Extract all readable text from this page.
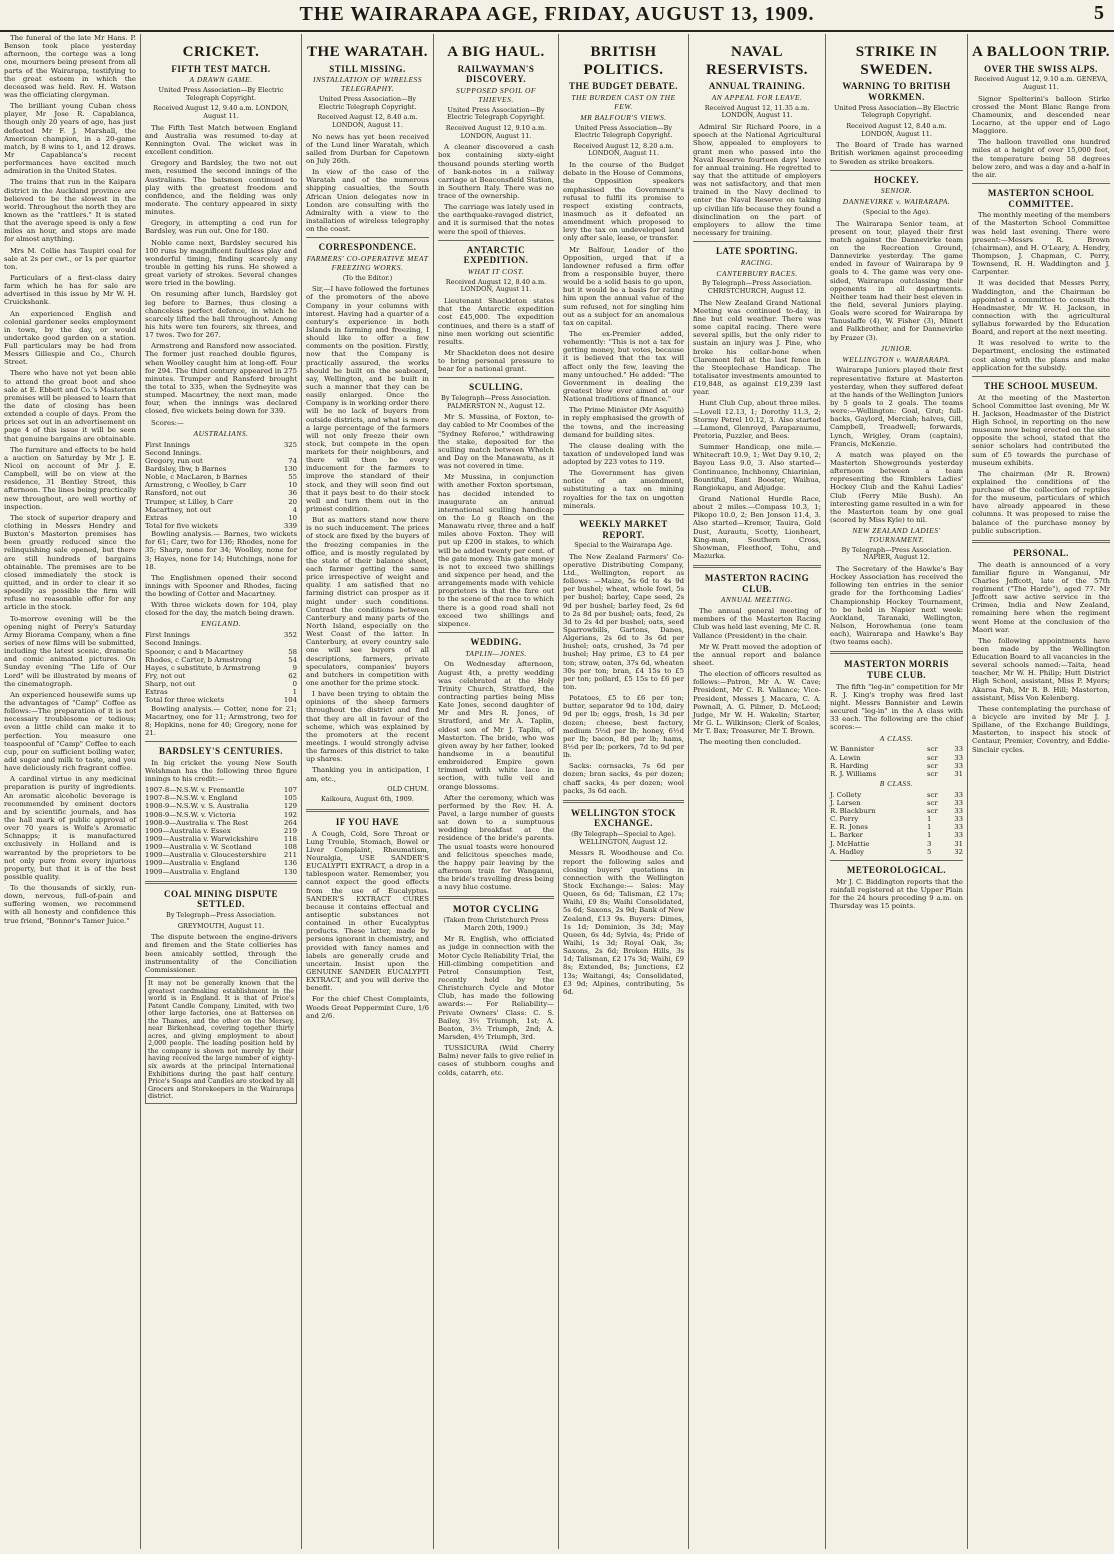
THE WAIRARAPA AGE, FRIDAY, AUGUST 13, 1909.	5

The funeral of the late Mr Hans. P. Benson took place yesterday afternoon, the cortege was a long one, mourners being present from all parts of the Wairarapa, testifying to the great esteem in which the deceased was held. Rev. H. Watson was the officiating clergyman.

The brilliant young Cuban chess player, Mr Jose R. Capablanca, though only 20 years of age, has just defeated Mr F. J. Marshall, the American champion, in a 20-game match, by 8 wins to 1, and 12 draws. Mr Capablanca's recent performances have excited much admiration in the United States.

The trains that run in the Kaipara district in the Auckland province are believed to be the slowest in the world. Throughout the north they are known as the "rattlers." It is stated that the average speed is only a few miles an hour, and stops are made for almost anything.

Mrs M. Collie has Taupiri coal for sale at 2s per cwt., or 1s per quarter ton.

Particulars of a first-class dairy farm which he has for sale are advertised in this issue by Mr W. H. Cruickshank.

An experienced English and colonial gardener seeks employment in town, by the day, or would undertake good garden on a station. Full particulars may be had from Messrs Gillespie and Co., Church Street.

There who have not yet been able to attend the great boot and shoe sale at E. Ebbett and Co.'s Masterton premises will be pleased to learn that the date of closing has been extended a couple of days. From the prices set out in an advertisement on page 4 of this issue it will be seen that genuine bargains are obtainable.

The furniture and effects to be held a auction on Saturday by Mr J. E. Nicol on account of Mr J. E. Campbell, will be on view at the residence, 31 Bentley Street, this afternoon. The lines being practically new throughout, are well worthy of inspection.

The stock of superior drapery and clothing in Messrs Hendry and Buxton's Masterton premises has been greatly reduced since the relinquishing sale opened, but there are still hundreds of bargains obtainable. The premises are to be closed immediately the stock is quitted, and in order to clear it so speedily as possible the firm will refuse no reasonable offer for any article in the stock.

To-morrow evening will be the opening night of Perry's Saturday Army Biorama Company, when a fine series of new films will be submitted, including the latest scenic, dramatic and comic animated pictures. On Sunday evening "The Life of Our Lord" will be illustrated by means of the cinematograph.

An experienced housewife sums up the advantages of "Camp" Coffee as follows:—The preparation of it is not necessary troublesome or tedious; even a little child can make it to perfection. You measure one teaspoonful of "Camp" Coffee to each cup, pour on sufficient boiling water, add sugar and milk to taste, and you have deliciously rich fragrant coffee.

A cardinal virtue in any medicinal preparation is purity of ingredients. An aromatic alcoholic beverage is recommended by eminent doctors and by scientific journals, and has the hall mark of public approval of over 70 years is Wolfe's Aromatic Schnapps; it is manufactured exclusively in Holland and is warranted by the proprietors to be not only pure from every injurious property, but that it is of the best possible quality.

To the thousands of sickly, run-down, nervous, full-of-pain and suffering women, we recommend with all honesty and confidence this true friend, "Bonnor's Tamer Juice."

CRICKET.
FIFTH TEST MATCH.
A DRAWN GAME.

United Press Association—By Electric Telegraph Copyright.

Received August 12, 9.40 a.m. LONDON, August 11.

The Fifth Test Match between England and Australia was resumed to-day at Kennington Oval. The wicket was in excellent condition.

Gregory and Bardsley, the two not out men, resumed the second innings of the Australians. The batsmen continued to play with the greatest freedom and confidence, and the fielding was only moderate. The century appeared in sixty minutes.

Gregory, in attempting a cod run for Bardsley, was run out. One for 180.

Noble came next, Bardsley secured his 100 runs by magnificent faultless play and wonderful timing, finding scarcely any trouble in getting his runs. He showed a great variety of strokes. Several changes were tried in the bowling.

On resuming after lunch, Bardsley got leg before to Barnes, thus closing a chanceless perfect defence, in which he scarcely lifted the ball throughout. Among his hits were ten fourers, six threes, and 17 twos. Two for 267.

Armstrong and Ransford now associated. The former just reached double figures, when Woolley caught him at long-off. Four for 294. The third century appeared in 275 minutes. Trumper and Ransford brought the total to 335, when the Sydneyite was stumped. Macartney, the next man, made four, when the innings was declared closed, five wickets being down for 339.

Scores:—

AUSTRALIANS.

First Innings	325

Second Innings.

Gregory, run out	74

Bardsley, lbw, b Barnes	130

Noble, c MacLaren, b Barnes	55

Armstrong, c Woolley, b Carr	10

Ransford, not out	36

Trumper, st Lilley, b Carr	20

Macartney, not out	4

Extras	10

Total for five wickets	339

Bowling analysis.— Barnes, two wickets for 61; Carr, two for 136; Rhodes, none for 35; Sharp, none for 34; Woolley, none for 3; Hayes, none for 14; Hutchings, none for 18.

The Englishmen opened their second innings with Spooner and Rhodes, facing the bowling of Cotter and Macartney.

With three wickets down for 104, play closed for the day, the match being drawn.

ENGLAND.

First Innings	352

Second Innings.

Spooner, c and b Macartney	58

Rhodes, c Carter, b Armstrong	54

Hayes, c substitute, b Armstrong	9

Fry, not out	62

Sharp, not out	0

Extras	1

Total for three wickets	104

Bowling analysis.— Cotter, none for 21; Macartney, one for 11; Armstrong, two for 8; Hopkins, none for 40; Gregory, none for 21.

BARDSLEY'S CENTURIES.

In big cricket the young New South Welshman has the following three figure innings to his credit:—

1907-8—N.S.W. v. Fremantle	107

1907-8—N.S.W. v. England	105

1908-9—N.S.W. v. S. Australia	129

1908-9—N.S.W. v. Victoria	192

1908-9—Australia v. The Rest	264

1909—Australia v. Essex	219

1909—Australia v. Warwickshire	118

1909—Australia v. W. Scotland	108

1909—Australia v. Gloucestershire	211

1909—Australia v. England	136

1909—Australia v. England	130

COAL MINING DISPUTE SETTLED.

By Telegraph—Press Association.

GREYMOUTH, August 11.

The dispute between the engine-drivers and firemen and the State collieries has been amicably settled, through the instrumentality of the Conciliation Commissioner.

It may not be generally known that the greatest cardmaking establishment in the world is in England. It is that of Price's Patent Candle Company, Limited, with two other large factories, one at Battersea on the Thames, and the other on the Mersey, near Birkenhead, covering together thirty acres, and giving employment to about 2,000 people. The leading position held by the company is shown not merely by their having received the large number of eighty-six awards at the principal International Exhibitions during the past half century. Price's Soaps and Candles are stocked by all Grocers and Storekeepers in the Wairarapa district.
THE WARATAH.
STILL MISSING.
INSTALLATION OF WIRELESS TELEGRAPHY.

United Press Association—By Electric Telegraph Copyright.

Received August 12, 8.40 a.m. LONDON, August 11.

No news has yet been received of the Lund liner Waratah, which sailed from Durban for Capetown on July 26th.

In view of the case of the Waratah and of the numerous shipping casualties, the South African Union delegates now in London are consulting with the Admiralty with a view to the installation of wireless telegraphy on the coast.

CORRESPONDENCE.
FARMERS' CO-OPERATIVE MEAT FREEZING WORKS.

(To the Editor.)

Sir,—I have followed the fortunes of the promoters of the above Company in your columns with interest. Having had a quarter of a century's experience in both Islands in farming and freezing, I should like to offer a few comments on the position. Firstly, now that the Company is practically assured, the works should be built on the seaboard, say, Wellington, and be built in such a manner that they can be easily enlarged. Once the Company is in working order there will be no lack of buyers from outside districts, and what is more a large percentage of the farmers will not only freeze their own stock, but compete in the open markets for their neighbours, and there will then be every inducement for the farmers to improve the standard of their stock, and they will soon find out that it pays best to do their stock well and turn them out in the primest condition.

But as matters stand now there is no such inducement. The prices of stock are fixed by the buyers of the freezing companies in the office, and is mostly regulated by the state of their balance sheet, each farmer getting the same price irrespective of weight and quality. I am satisfied that no farming district can prosper as it might under such conditions. Contrast the conditions between Canterbury and many parts of the North Island, especially on the West Coast of the latter. In Canterbury, at every country sale one will see buyers of all descriptions, farmers, private speculators, companies' buyers and butchers in competition with one another for the prime stock.

I have been trying to obtain the opinions of the sheep farmers throughout the district and find that they are all in favour of the scheme, which was explained by the promoters at the recent meetings. I would strongly advise the farmers of this district to take up shares.

Thanking you in anticipation, I am, etc.,

OLD CHUM.

Kaikoura, August 6th, 1909.

IF YOU HAVE

A Cough, Cold, Sore Throat or Lung Trouble, Stomach, Bowel or Liver Complaint, Rheumatism, Neuralgia, USE SANDER'S EUCALYPTI EXTRACT, a drop in a tablespoon water. Remember, you cannot expect the good effects from the use of Eucalyptus. SANDER'S EXTRACT CURES because it contains effectual and antiseptic substances not contained in other Eucalyptus products. These latter, made by persons ignorant in chemistry, and provided with fancy names and labels are generally crude and uncertain. Insist upon the GENUINE SANDER EUCALYPTI EXTRACT, and you will derive the benefit.

For the chief Chest Complaints, Woods Great Peppermint Cure, 1/6 and 2/6.

A BIG HAUL.
RAILWAYMAN'S DISCOVERY.
SUPPOSED SPOIL OF THIEVES.

United Press Association—By Electric Telegraph Copyright.

Received August 12, 9.10 a.m. LONDON, August 11.

A cleaner discovered a cash box containing sixty-eight thousand pounds sterling worth of bank-notes in a railway carriage at Beaconsfield Station, in Southern Italy. There was no trace of the ownership.

The carriage was lately used in the earthquake-ravaged district, and it is surmised that the notes were the spoil of thieves.

ANTARCTIC EXPEDITION.
WHAT IT COST.

Received August 12, 8.40 a.m. LONDON, August 11.

Lieutenant Shackleton states that the Antarctic expedition cost £45,000. The expedition continues, and there is a staff of nine men working out scientific results.

Mr Shackleton does not desire to bring personal pressure to bear for a national grant.

SCULLING.

By Telegraph—Press Association. PALMERSTON N., August 12.

Mr S. Mussina, of Foxton, to-day cabled to Mr Coombes of the "Sydney Referee," withdrawing the stake, deposited for the sculling match between Whelch and Day on the Manawatu, as it was not covered in time.

Mr Mussina, in conjunction with another Foxton sportsman, has decided intended to inaugurate an annual international sculling handicap on the Lo g Reach on the Manawatu river, three and a half miles above Foxton. They will put up £200 in stakes, to which will be added twenty per cent. of the gate money. This gate money is not to exceed two shillings and sixpence per head, and the arrangements made with vehicle proprietors is that the fare out to the scene of the race to which there is a good road shall not exceed two shillings and sixpence.

WEDDING.
TAPLIN—JONES.

On Wednesday afternoon, August 4th, a pretty wedding was celebrated at the Holy Trinity Church, Stratford, the contracting parties being Miss Kate Jones, second daughter of Mr and Mrs R. Jones, of Stratford, and Mr A. Taplin, eldest son of Mr J. Taplin, of Masterton. The bride, who was given away by her father, looked handsome in a beautiful embroidered Empire gown trimmed with white lace in section, with tulle veil and orange blossoms.

After the ceremony, which was performed by the Rev. H. A. Pavel, a large number of guests sat down to a sumptuous wedding breakfast at the residence of the bride's parents. The usual toasts were honoured and felicitous speeches made, the happy pair leaving by the afternoon train for Wanganui, the bride's travelling dress being a navy blue costume.

MOTOR CYCLING

(Taken from Christchurch Press March 20th, 1909.)

Mr R. English, who officiated as judge in connection with the Motor Cycle Reliability Trial, the Hill-climbing competition and Petrol Consumption Test, recently held by the Christchurch Cycle and Motor Club, has made the following awards:— For Reliability—Private Owners' Class: C. S. Bailey, 3½ Triumph, 1st; A. Beaton, 3½ Triumph, 2nd; A. Marsden, 4½ Triumph, 3rd.

TUSSICURA (Wild Cherry Balm) never fails to give relief in cases of stubborn coughs and colds, catarrh, etc.

BRITISH POLITICS.
THE BUDGET DEBATE.
THE BURDEN CAST ON THE FEW.
MR BALFOUR'S VIEWS.

United Press Association—By Electric Telegraph Copyright.

Received August 12, 8.20 a.m. LONDON, August 11.

In the course of the Budget debate in the House of Commons, the Opposition speakers emphasised the Government's refusal to fulfil its promise to respect existing contracts, inasmuch as it defeated an amendment which proposed to levy the tax on undeveloped land only after sale, lease, or transfer.

Mr Balfour, Leader of the Opposition, urged that if a landowner refused a firm offer from a responsible buyer, there would be a solid basis to go upon, but it would be a basis for rating him upon the annual value of the sum refused, not for singling him out as a subject for an anomalous tax on capital.

The ex-Premier added, vehemently: "This is not a tax for getting money, but votes, because it is believed that the tax will affect only the few, leaving the many untouched." He added: "The Government in dealing the greatest blow ever aimed at our National traditions of finance."

The Prime Minister (Mr Asquith) in reply emphasised the growth of the towns, and the increasing demand for building sites.

The clause dealing with the taxation of undeveloped land was adopted by 223 votes to 119.

The Government has given notice of an amendment, substituting a tax on mining royalties for the tax on ungotten minerals.

WEEKLY MARKET REPORT.

Special to the Wairarapa Age.

The New Zealand Farmers' Co-operative Distributing Company, Ltd., Wellington, report as follows: —Maize, 5s 6d to 4s 9d per bushel; wheat, whole fowl, 5s per bushel; barley, Cape seed, 2s 9d per bushel; barley feed, 2s 6d to 2s 8d per bushel; oats, feed, 2s 3d to 2s 4d per bushel; oats, seed Sparrowbills, Gartons, Danes, Algerians, 2s 6d to 3s 6d per bushel; oats, crushed, 3s 7d per bushel; Hay prime, £3 to £4 per ton; straw, oaten, 37s 6d, wheaten 30s per ton; bran, £4 15s to £5 per ton; pollard, £5 15s to £6 per ton.

Potatoes, £5 to £6 per ton; butter, separator 9d to 10d, dairy 9d per lb; eggs, fresh, 1s 3d per dozen; cheese, best factory, medium 5½d per lb; honey, 6½d per lb; bacon, 8d per lb; hams, 8½d per lb; porkers, 7d to 9d per lb.

Sacks: cornsacks, 7s 6d per dozen; bran sacks, 4s per dozen; chaff sacks, 4s per dozen; wool packs, 3s 6d each.

WELLINGTON STOCK EXCHANGE.

(By Telegraph—Special to Age). WELLINGTON, August 12.

Messrs R. Woodhouse and Co. report the following sales and closing buyers' quotations in connection with the Wellington Stock Exchange:— Sales: May Queen, 6s 6d; Talisman, £2 17s; Waihi, £9 8s; Waihi Consolidated, 5s 6d; Saxons, 2s 9d; Bank of New Zealand, £13 9s. Buyers: Dimes, 1s 1d; Dominion, 3s 3d; May Queen, 6s 4d; Sylvia, 4s; Pride of Waihi, 1s 3d; Royal Oak, 3s; Saxons, 2s 6d; Broken Hills, 3s 1d; Talisman, £2 17s 3d; Waihi, £9 8s; Extended, 8s; Junctions, £2 13s; Waitangi, 4s; Consolidated, £3 9d; Alpines, contributing, 5s 6d.

NAVAL RESERVISTS.
ANNUAL TRAINING.
AN APPEAL FOR LEAVE.

Received August 12, 11.35 a.m. LONDON, August 11.

Admiral Sir Richard Poore, in a speech at the National Agricultural Show, appealed to employers to grant men who passed into the Naval Reserve fourteen days' leave for annual training. He regretted to say that the attitude of employers was not satisfactory, and that men trained in the Navy declined to enter the Naval Reserve on taking up civilian life because they found a disinclination on the part of employers to allow the time necessary for training.

LATE SPORTING.
RACING.
CANTERBURY RACES.

By Telegraph—Press Association. CHRISTCHURCH, August 12.

The New Zealand Grand National Meeting was continued to-day, in fine but cold weather. There was some capital racing. There were several spills, but the only rider to sustain an injury was J. Pine, who broke his collar-bone when Claremont fell at the last fence in the Steeplechase Handicap. The totalisator investments amounted to £19,848, as against £19,239 last year.

Hunt Club Cup, about three miles.—Lovell 12.13, 1; Dorothy 11.3, 2; Stormy Petrel 10.12, 3. Also started—Lamond, Glenroyd, Paraparaumu, Pretoria, Puzzler, and Bees.

Summer Handicap, one mile.—Whitecraft 10.9, 1; Wet Day 9.10, 2; Bayou Lass 9.0, 3. Also started—Continuance, Inchbonny, Chiarinian, Bountiful, Eant Booster, Waihua, Rangiokapu, and Adjudge.

Grand National Hurdle Race, about 2 miles.—Compass 10.3, 1; Pikopo 10.0, 2; Ben Jonson 11.4, 3. Also started—Kremor, Tauira, Gold Dust, Aurautu, Scotty, Lionheart, King-man, Southern Cross, Showman, Fleethoof, Tohu, and Mazurka.

MASTERTON RACING CLUB.
ANNUAL MEETING.

The annual general meeting of members of the Masterton Racing Club was held last evening, Mr C. R. Vallance (President) in the chair.

Mr W. Pratt moved the adoption of the annual report and balance sheet.

The election of officers resulted as follows:—Patron, Mr A. W. Cave; President, Mr C. R. Vallance; Vice-President, Messrs J. Macara, C. A. Pownall, A. G. Pilmer, D. McLeod; Judge, Mr W. H. Wakelin; Starter, Mr G. L. Wilkinson; Clerk of Scales, Mr T. Bax; Treasurer, Mr T. Brown.

The meeting then concluded.

STRIKE IN SWEDEN.
WARNING TO BRITISH WORKMEN.

United Press Association—By Electric Telegraph Copyright.

Received August 12, 8.40 a.m. LONDON, August 11.

The Board of Trade has warned British workmen against proceeding to Sweden as strike breakers.

HOCKEY.
SENIOR.
DANNEVIRKE v. WAIRARAPA.

(Special to the Age).

The Wairarapa Senior team, at present on tour, played their first match against the Dannevirke team on the Recreation Ground, Dannevirke yesterday. The game ended in favour of Wairarapa by 9 goals to 4. The game was very one-sided, Wairarapa outclassing their opponents in all departments. Neither team had their best eleven in the field, several Juniors playing. Goals were scored for Wairarapa by Tanuslaffe (4), W. Fisher (3), Minett and Falkbrother, and for Dannevirke by Frazer (3).

JUNIOR.
WELLINGTON v. WAIRARAPA.

Wairarapa Juniors played their first representative fixture at Masterton yesterday, when they suffered defeat at the hands of the Wellington Juniors by 5 goals to 2 goals. The teams were:—Wellington: Goal, Grut; full-backs, Gaylord, Merciah; halves, Gill, Campbell, Treadwell; forwards, Lynch, Wrigley, Oram (captain), Francis, McKenzie.

A match was played on the Masterton Showgrounds yesterday afternoon between a team representing the Rimblers Ladies' Hockey Club and the Kahui Ladies' Club (Ferry Mile Bush). An interesting game resulted in a win for the Masterton team by one goal (scored by Miss Kyle) to nil.

NEW ZEALAND LADIES' TOURNAMENT.

By Telegraph—Press Association. NAPIER, August 12.

The Secretary of the Hawke's Bay Hockey Association has received the following ten entries in the senior grade for the forthcoming Ladies' Championship Hockey Tournament, to be held in Napier next week: Auckland, Taranaki, Wellington, Nelson, Horowhenua (one team each), Wairarapa and Hawke's Bay (two teams each).

MASTERTON MORRIS TUBE CLUB.

The fifth "leg-in" competition for Mr R. J. King's trophy was fired last night. Messrs Bannister and Lewin secured "leg-in" in the A class with 33 each. The following are the chief scores:—

A CLASS.

W. Bannister	scr	33

A. Lewin	scr	33

R. Harding	scr	33

R. J. Williams	scr	31

B CLASS.

J. Collety	scr	33

J. Larsen	scr	33

R. Blackburn	scr	33

C. Perry	1	33

E. R. Jones	1	33

L. Barker	1	33

J. McHattie	3	31

A. Hadley	5	32

METEOROLOGICAL.

Mr J. C. Biddington reports that the rainfall registered at the Upper Plain for the 24 hours preceding 9 a.m. on Thursday was 15 points.

A BALLOON TRIP.
OVER THE SWISS ALPS.

Received August 12, 9.10 a.m. GENEVA, August 11.

Signor Spelterini's balloon Stirke crossed the Mont Blanc Range from Chamounix, and descended near Locarno, at the upper end of Lago Maggiore.

The balloon travelled one hundred miles at a height of over 15,000 feet, the temperature being 58 degrees below zero, and was a day and a-half in the air.

MASTERTON SCHOOL COMMITTEE.

The monthly meeting of the members of the Masterton School Committee was held last evening. There were present:—Messrs R. Brown (chairman), and H. O'Leary, A. Hendry, Thompson, J. Chapman, C. Perry, Townsend, R. H. Waddington and J. Carpenter.

It was decided that Messrs Perry, Waddington, and the Chairman be appointed a committee to consult the Headmaster, Mr W. H. Jackson, in connection with the agricultural syllabus forwarded by the Education Board, and report at the next meeting.

It was resolved to write to the Department, enclosing the estimated cost along with the plans and make application for the subsidy.

THE SCHOOL MUSEUM.

At the meeting of the Masterton School Committee last evening, Mr W. H. Jackson, Headmaster of the District High School, in reporting on the new museum now being erected on the site opposite the school, stated that the senior scholars had contributed the sum of £5 towards the purchase of museum exhibits.

The chairman (Mr R. Brown) explained the conditions of the purchase of the collection of reptiles for the museum, particulars of which have already appeared in these columns. It was proposed to raise the balance of the purchase money by public subscription.

PERSONAL.

The death is announced of a very familiar figure in Wanganui, Mr Charles Jeffcott, late of the 57th regiment ("The Harde"), aged 77. Mr Jeffcott saw active service in the Crimea, India and New Zealand, remaining here when the regiment went Home at the conclusion of the Maori war.

The following appointments have been made by the Wellington Education Board to all vacancies in the several schools named:—Taita, head teacher, Mr W. H. Philip; Hutt District High School, assistant, Miss P. Myers; Akaroa Pah, Mr R. B. Hill; Masterton, assistant, Miss Von Kelenberg.

These contemplating the purchase of a bicycle are invited by Mr J. J. Spillane, of the Exchange Buildings, Masterton, to inspect his stock of Centaur, Premier, Coventry, and Eddie-Sinclair cycles.
